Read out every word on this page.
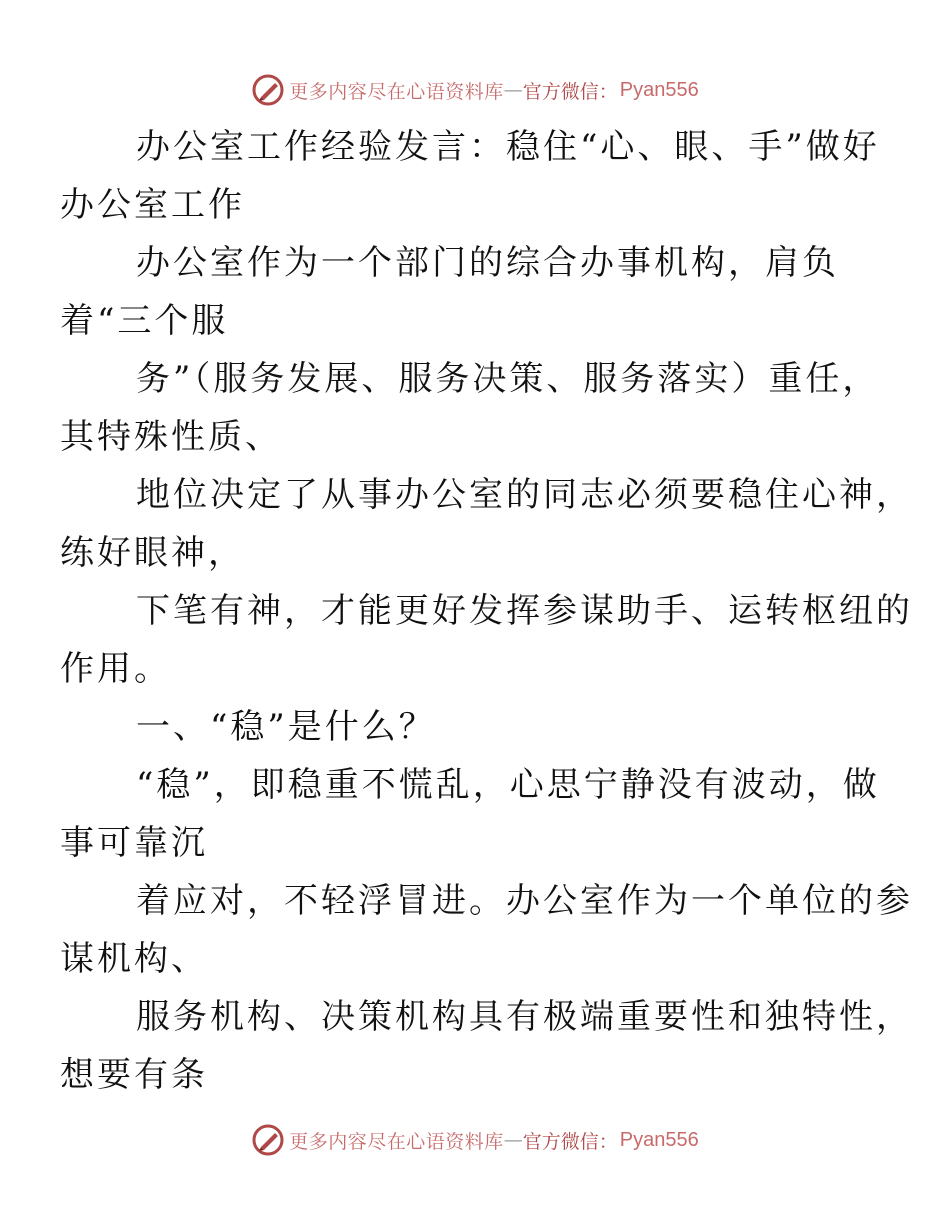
更多内容尽在心语资料库 — 官方微信： Pyan556

办公室工作经验发言：稳住“心、眼、手”做好
办公室工作
办公室作为一个部门的综合办事机构，肩负
着“三个服
务”（服务发展、服务决策、服务落实）重任，
其特殊性质、
地位决定了从事办公室的同志必须要稳住心神，
练好眼神，
下笔有神，才能更好发挥参谋助手、运转枢纽的
作用。
一、“稳”是什么？
“稳”，即稳重不慌乱，心思宁静没有波动，做
事可靠沉
着应对，不轻浮冒进。办公室作为一个单位的参
谋机构、
服务机构、决策机构具有极端重要性和独特性，
想要有条

更多内容尽在心语资料库 — 官方微信： Pyan556
